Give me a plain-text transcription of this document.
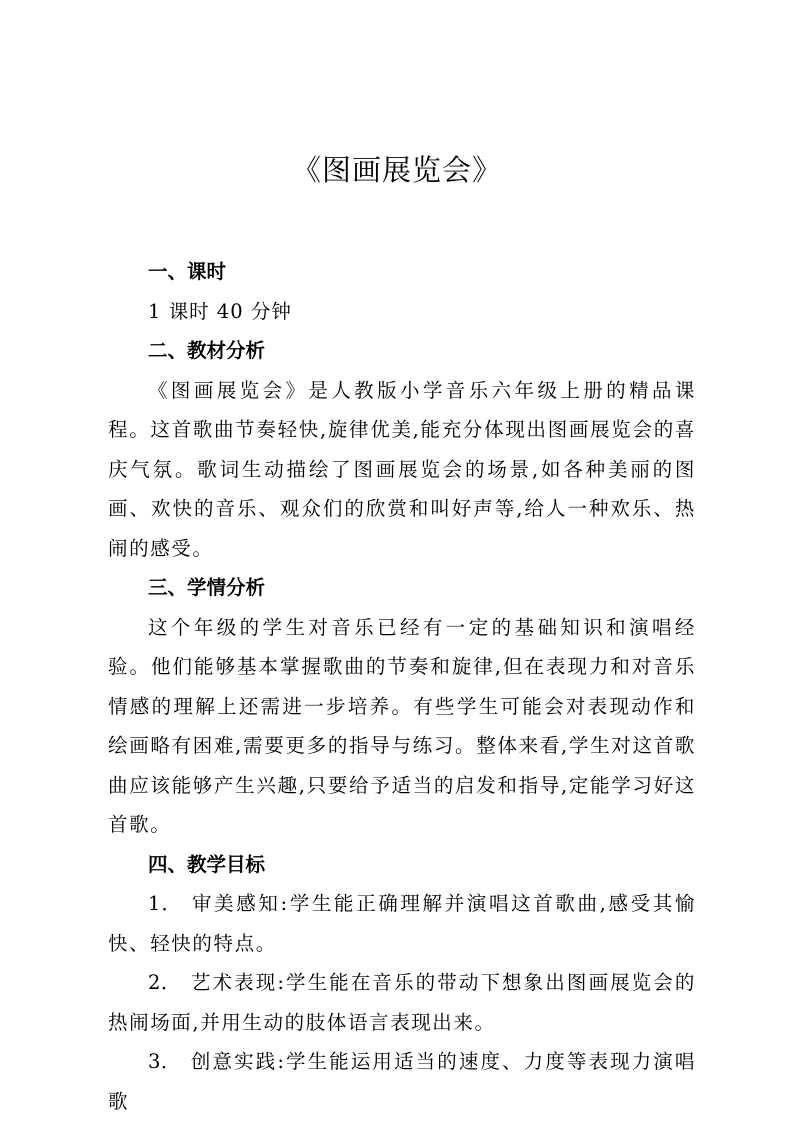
《图画展览会》

一、课时

1 课时 40 分钟

二、教材分析

《图画展览会》是人教版小学音乐六年级上册的精品课程。这首歌曲节奏轻快,旋律优美,能充分体现出图画展览会的喜庆气氛。歌词生动描绘了图画展览会的场景,如各种美丽的图画、欢快的音乐、观众们的欣赏和叫好声等,给人一种欢乐、热闹的感受。

三、学情分析

这个年级的学生对音乐已经有一定的基础知识和演唱经验。他们能够基本掌握歌曲的节奏和旋律,但在表现力和对音乐情感的理解上还需进一步培养。有些学生可能会对表现动作和绘画略有困难,需要更多的指导与练习。整体来看,学生对这首歌曲应该能够产生兴趣,只要给予适当的启发和指导,定能学习好这首歌。

四、教学目标

1． 审美感知:学生能正确理解并演唱这首歌曲,感受其愉快、轻快的特点。

2． 艺术表现:学生能在音乐的带动下想象出图画展览会的热闹场面,并用生动的肢体语言表现出来。

3． 创意实践:学生能运用适当的速度、力度等表现力演唱歌
